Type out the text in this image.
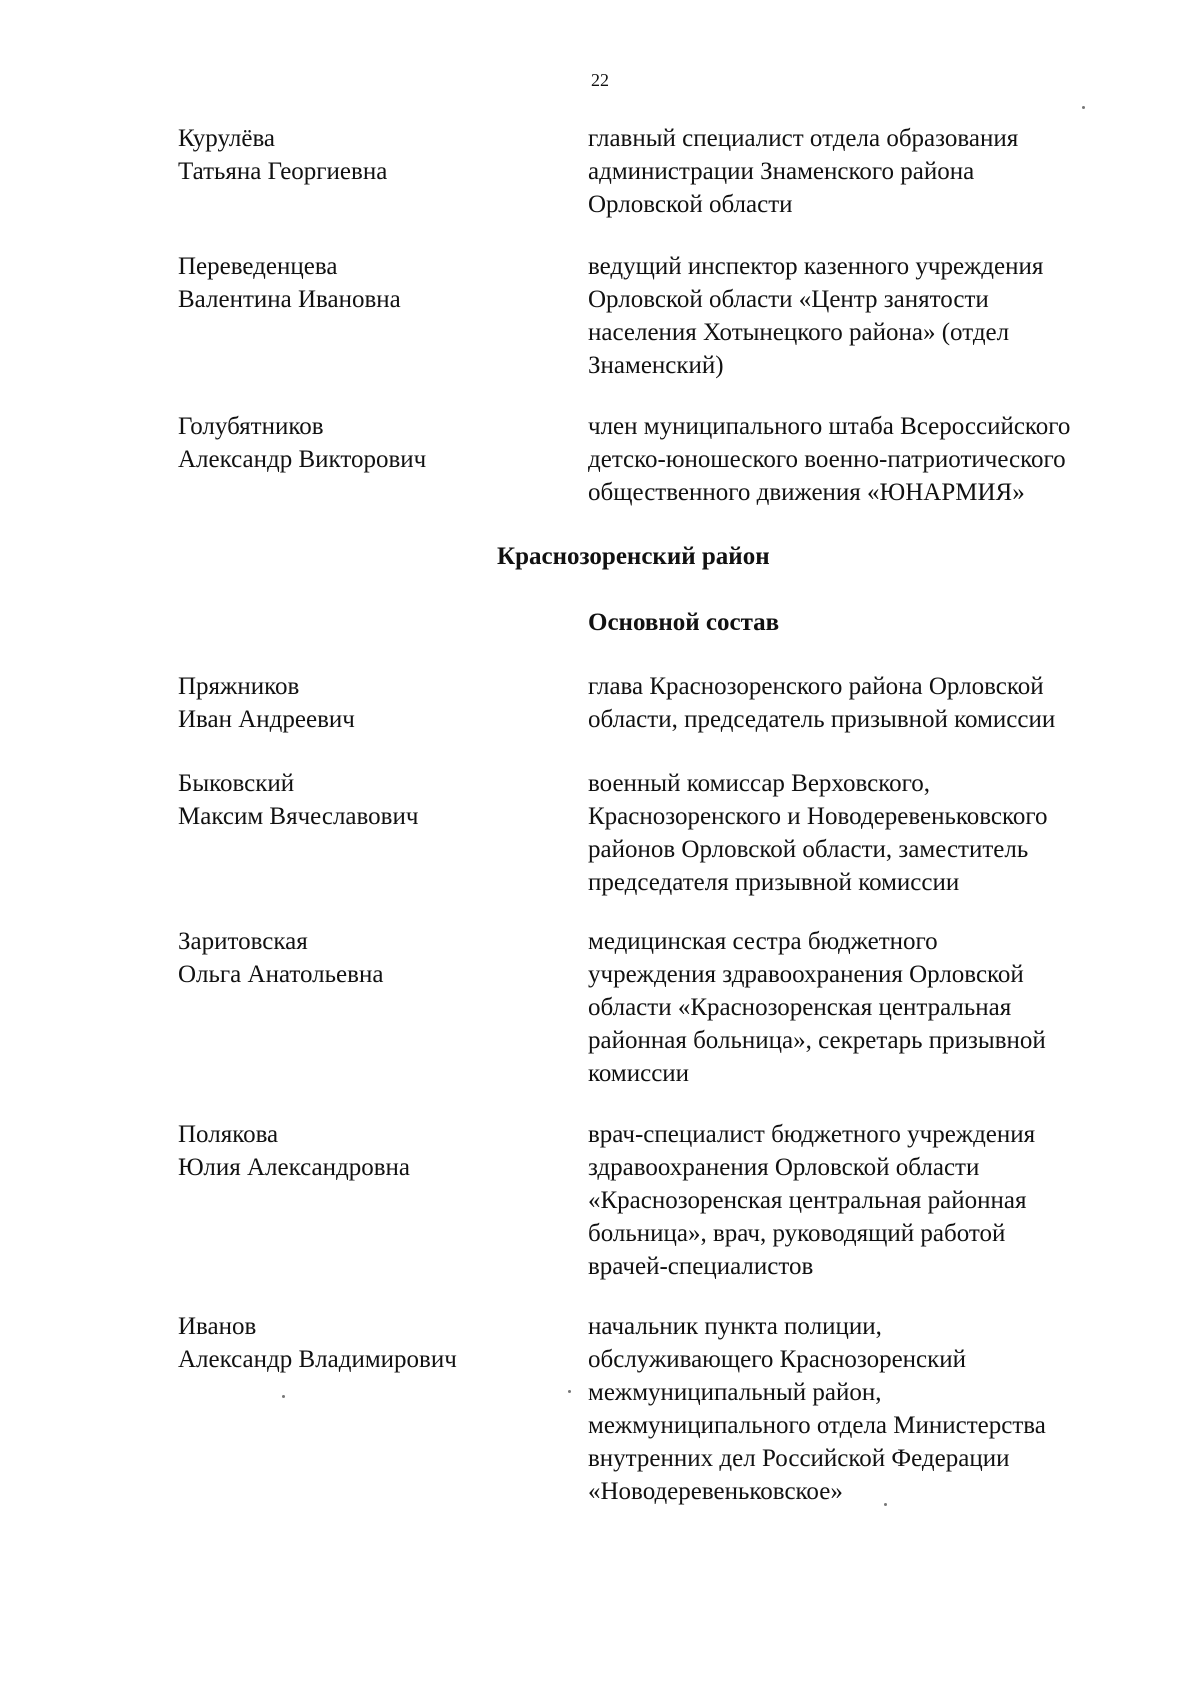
22
Курулёва
Татьяна Георгиевна
главный специалист отдела образования
администрации Знаменского района
Орловской области
Переведенцева
Валентина Ивановна
ведущий инспектор казенного учреждения
Орловской области «Центр занятости
населения Хотынецкого района» (отдел
Знаменский)
Голубятников
Александр Викторович
член муниципального штаба Всероссийского
детско-юношеского военно-патриотического
общественного движения «ЮНАРМИЯ»
Краснозоренский район
Основной состав
Пряжников
Иван Андреевич
глава Краснозоренского района Орловской
области, председатель призывной комиссии
Быковский
Максим Вячеславович
военный комиссар Верховского,
Краснозоренского и Новодеревеньковского
районов Орловской области, заместитель
председателя призывной комиссии
Заритовская
Ольга Анатольевна
медицинская сестра бюджетного
учреждения здравоохранения Орловской
области «Краснозоренская центральная
районная больница», секретарь призывной
комиссии
Полякова
Юлия Александровна
врач-специалист бюджетного учреждения
здравоохранения Орловской области
«Краснозоренская центральная районная
больница», врач, руководящий работой
врачей-специалистов
Иванов
Александр Владимирович
начальник пункта полиции,
обслуживающего Краснозоренский
межмуниципальный район,
межмуниципального отдела Министерства
внутренних дел Российской Федерации
«Новодеревеньковское»
